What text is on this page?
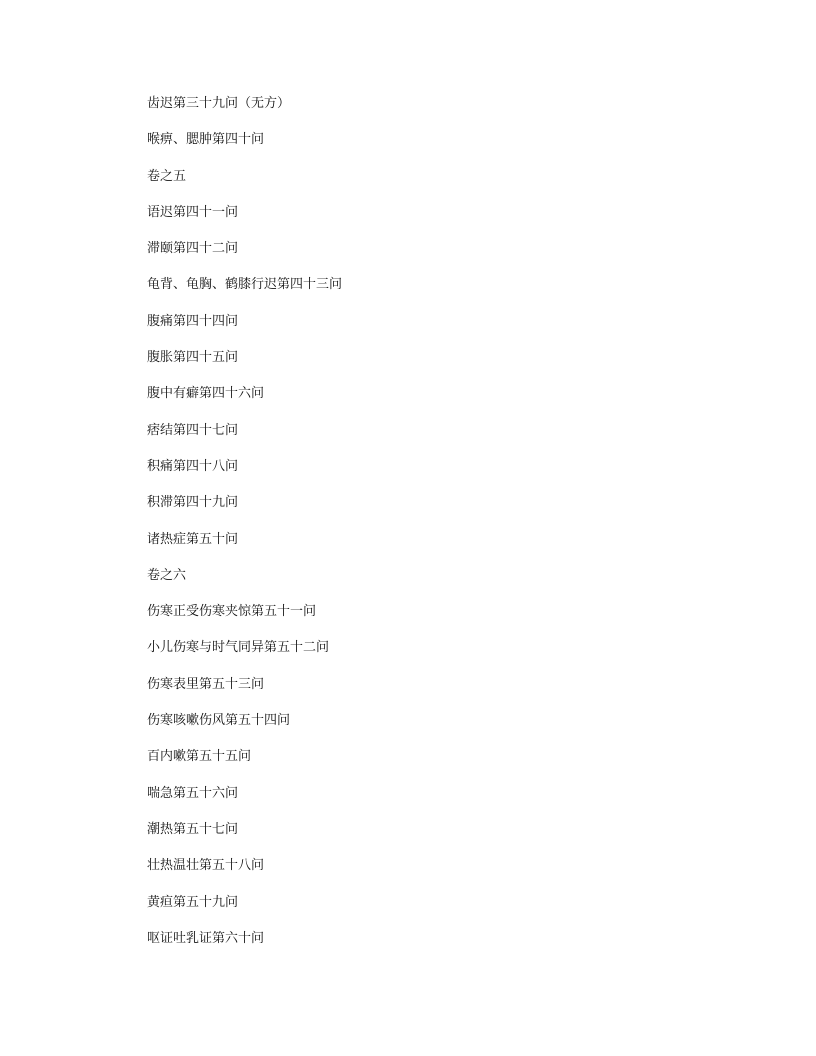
齿迟第三十九问（无方）
喉痹、腮肿第四十问
卷之五
语迟第四十一问
滞颐第四十二问
龟背、龟胸、鹤膝行迟第四十三问
腹痛第四十四问
腹胀第四十五问
腹中有癖第四十六问
痞结第四十七问
积痛第四十八问
积滞第四十九问
诸热症第五十问
卷之六
伤寒正受伤寒夹惊第五十一问
小儿伤寒与时气同异第五十二问
伤寒表里第五十三问
伤寒咳嗽伤风第五十四问
百内嗽第五十五问
喘急第五十六问
潮热第五十七问
壮热温壮第五十八问
黄疸第五十九问
呕证吐乳证第六十问
